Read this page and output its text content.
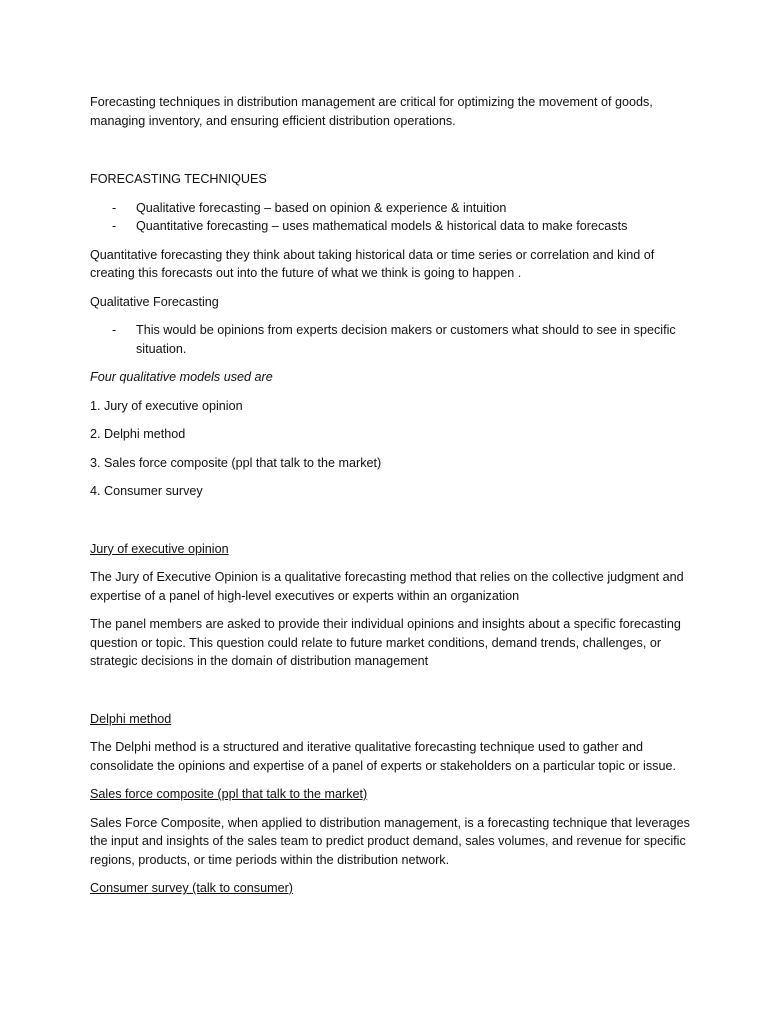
Forecasting techniques in distribution management are critical for optimizing the movement of goods, managing inventory, and ensuring efficient distribution operations.

FORECASTING TECHNIQUES

- Qualitative forecasting – based on opinion & experience & intuition
- Quantitative forecasting – uses mathematical models & historical data to make forecasts

Quantitative forecasting they think about taking historical data or time series or correlation and kind of creating this forecasts out into the future of what we think is going to happen .

Qualitative Forecasting

- This would be opinions from experts decision makers or customers what should to see in specific situation.

Four qualitative models used are

1. Jury of executive opinion

2. Delphi method

3. Sales force composite (ppl that talk to the market)

4. Consumer survey

Jury of executive opinion

The Jury of Executive Opinion is a qualitative forecasting method that relies on the collective judgment and expertise of a panel of high-level executives or experts within an organization

The panel members are asked to provide their individual opinions and insights about a specific forecasting question or topic. This question could relate to future market conditions, demand trends, challenges, or strategic decisions in the domain of distribution management

Delphi method

The Delphi method is a structured and iterative qualitative forecasting technique used to gather and consolidate the opinions and expertise of a panel of experts or stakeholders on a particular topic or issue.

Sales force composite (ppl that talk to the market)

Sales Force Composite, when applied to distribution management, is a forecasting technique that leverages the input and insights of the sales team to predict product demand, sales volumes, and revenue for specific regions, products, or time periods within the distribution network.

Consumer survey (talk to consumer)
